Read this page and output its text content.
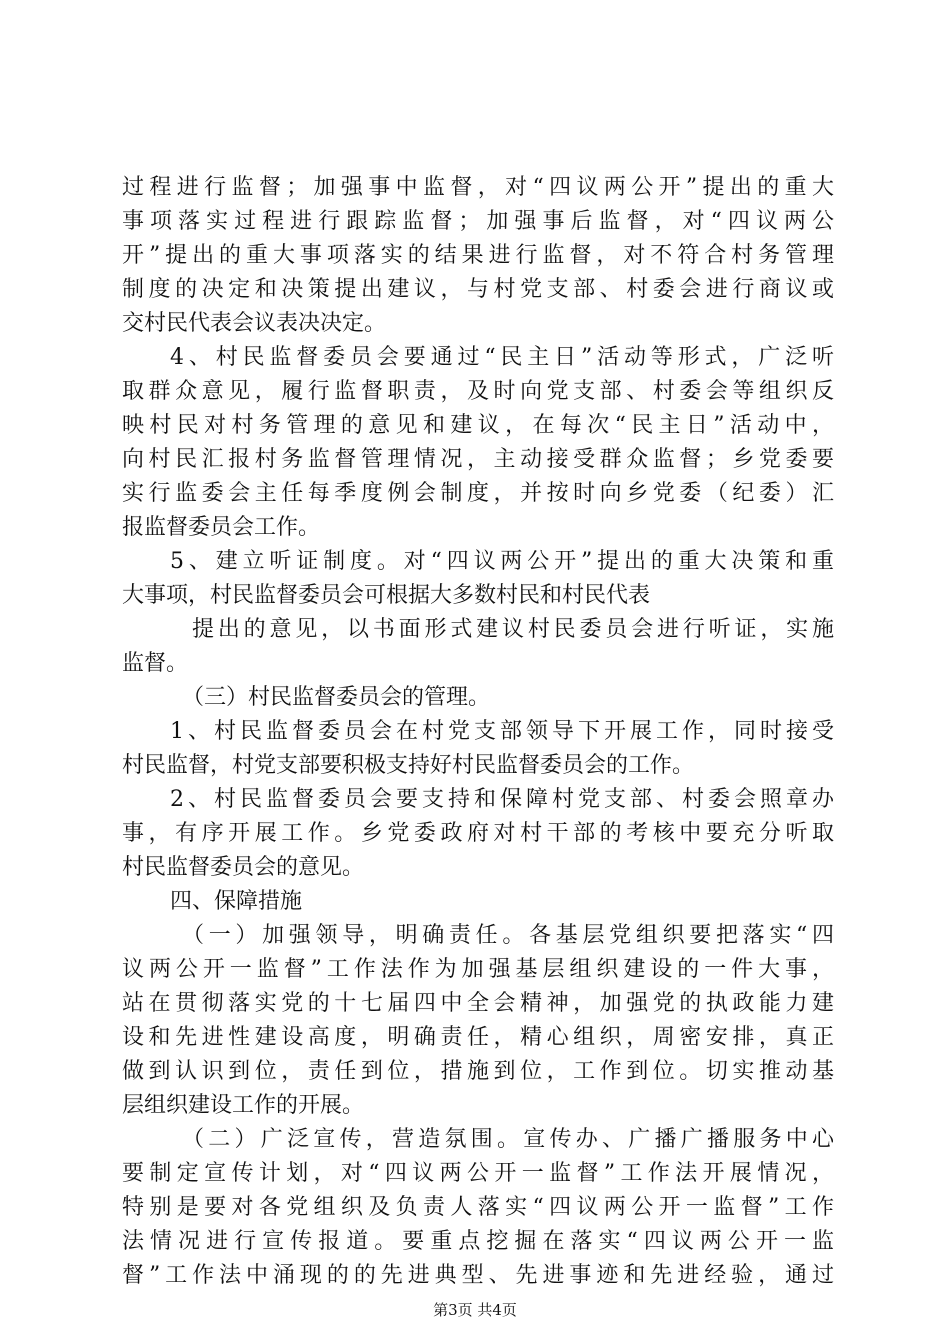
过程进行监督；加强事中监督，对“四议两公开”提出的重大
事项落实过程进行跟踪监督；加强事后监督，对“四议两公
开”提出的重大事项落实的结果进行监督，对不符合村务管理
制度的决定和决策提出建议，与村党支部、村委会进行商议或
交村民代表会议表决决定。
4、村民监督委员会要通过“民主日”活动等形式，广泛听
取群众意见，履行监督职责，及时向党支部、村委会等组织反
映村民对村务管理的意见和建议，在每次“民主日”活动中，
向村民汇报村务监督管理情况，主动接受群众监督；乡党委要
实行监委会主任每季度例会制度，并按时向乡党委（纪委）汇
报监督委员会工作。
5、建立听证制度。对“四议两公开”提出的重大决策和重
大事项，村民监督委员会可根据大多数村民和村民代表
提出的意见，以书面形式建议村民委员会进行听证，实施
监督。
（三）村民监督委员会的管理。
1、村民监督委员会在村党支部领导下开展工作，同时接受
村民监督，村党支部要积极支持好村民监督委员会的工作。
2、村民监督委员会要支持和保障村党支部、村委会照章办
事，有序开展工作。乡党委政府对村干部的考核中要充分听取
村民监督委员会的意见。
四、保障措施
（一）加强领导，明确责任。各基层党组织要把落实“四
议两公开一监督”工作法作为加强基层组织建设的一件大事，
站在贯彻落实党的十七届四中全会精神，加强党的执政能力建
设和先进性建设高度，明确责任，精心组织，周密安排，真正
做到认识到位，责任到位，措施到位，工作到位。切实推动基
层组织建设工作的开展。
（二）广泛宣传，营造氛围。宣传办、广播广播服务中心
要制定宣传计划，对“四议两公开一监督”工作法开展情况，
特别是要对各党组织及负责人落实“四议两公开一监督”工作
法情况进行宣传报道。要重点挖掘在落实“四议两公开一监
督”工作法中涌现的的先进典型、先进事迹和先进经验，通过
第3页 共4页
